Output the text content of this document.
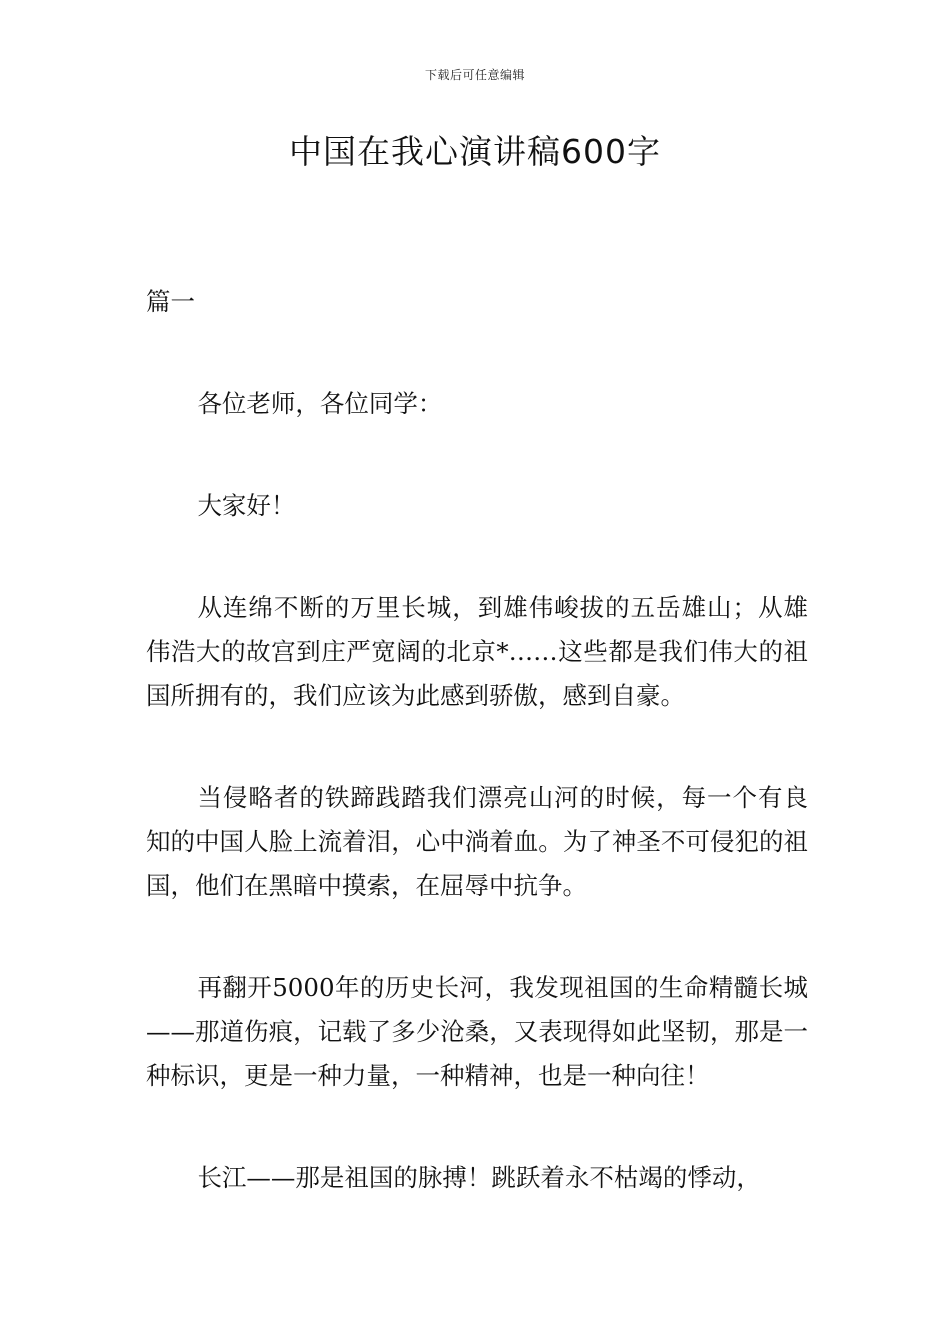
下载后可任意编辑
中国在我心演讲稿600字

篇一

各位老师，各位同学：

大家好！

从连绵不断的万里长城，到雄伟峻拔的五岳雄山；从雄伟浩大的故宫到庄严宽阔的北京*……这些都是我们伟大的祖国所拥有的，我们应该为此感到骄傲，感到自豪。

当侵略者的铁蹄践踏我们漂亮山河的时候，每一个有良知的中国人脸上流着泪，心中淌着血。为了神圣不可侵犯的祖国，他们在黑暗中摸索，在屈辱中抗争。

再翻开5000年的历史长河，我发现祖国的生命精髓长城——那道伤痕，记载了多少沧桑，又表现得如此坚韧，那是一种标识，更是一种力量，一种精神，也是一种向往！

长江——那是祖国的脉搏！跳跃着永不枯竭的悸动，
